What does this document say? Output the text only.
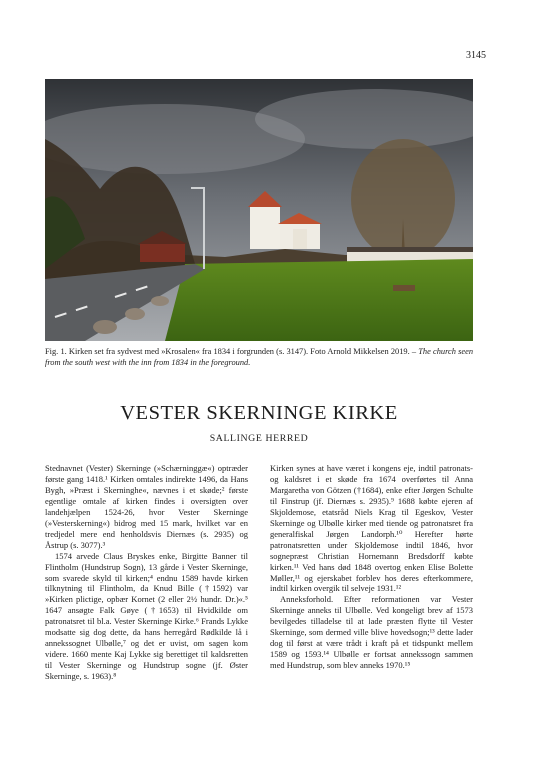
3145
Fig. 1. Kirken set fra sydvest med »Krosalen« fra 1834 i forgrunden (s. 3147). Foto Arnold Mikkelsen 2019. – The church seen from the south west with the inn from 1834 in the foreground.
VESTER SKERNINGE KIRKE
SALLINGE HERRED

Stednavnet (Vester) Skerninge (»Schærninggæ«) optræder første gang 1418.¹ Kirken omtales indirekte 1496, da Hans Bygh, »Præst i Skerninghe«, nævnes i et skøde;² første egentlige omtale af kirken findes i oversigten over landehjælpen 1524-26, hvor Vester Skerninge (»Vesterskerning«) bidrog med 15 mark, hvilket var en tredjedel mere end henholdsvis Diernæs (s. 2935) og Åstrup (s. 3077).³

1574 arvede Claus Bryskes enke, Birgitte Banner til Flintholm (Hundstrup Sogn), 13 gårde i Vester Skerninge, som svarede skyld til kirken;⁴ endnu 1589 havde kirken tilknytning til Flintholm, da Knud Bille (†1592) var »Kirken plictige, opbær Kornet (2 eller 2½ hundr. Dr.)«.⁵ 1647 ansøgte Falk Gøye (†1653) til Hvidkilde om patronatsret til bl.a. Vester Skerninge Kirke.⁶ Frands Lykke modsatte sig dog dette, da hans herregård Rødkilde lå i annekssognet Ulbølle,⁷ og det er uvist, om sagen kom videre. 1660 mente Kaj Lykke sig berettiget til kaldsretten til Vester Skerninge og Hundstrup sogne (jf. Øster Skerninge, s. 1963).⁸

Kirken synes at have været i kongens eje, indtil patronats- og kaldsret i et skøde fra 1674 overførtes til Anna Margaretha von Götzen (†1684), enke efter Jørgen Schulte til Finstrup (jf. Diernæs s. 2935).⁹ 1688 købte ejeren af Skjoldemose, etatsråd Niels Krag til Egeskov, Vester Skerninge og Ulbølle kirker med tiende og patronatsret fra generalfiskal Jørgen Landorph.¹⁰ Herefter hørte patronatsretten under Skjoldemose indtil 1846, hvor sognepræst Christian Hornemann Bredsdorff købte kirken.¹¹ Ved hans død 1848 overtog enken Elise Bolette Møller,¹¹ og ejerskabet forblev hos deres efterkommere, indtil kirken overgik til selveje 1931.¹²

Anneksforhold. Efter reformationen var Vester Skerninge anneks til Ulbølle. Ved kongeligt brev af 1573 bevilgedes tilladelse til at lade præsten flytte til Vester Skerninge, som dermed ville blive hovedsogn;¹³ dette lader dog til først at være trådt i kraft på et tidspunkt mellem 1589 og 1593.¹⁴ Ulbølle er fortsat annekssogn sammen med Hundstrup, som blev anneks 1970.¹⁵
